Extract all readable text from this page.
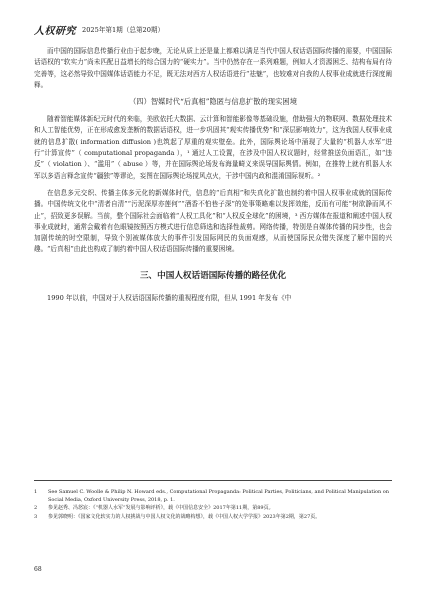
人权研究 2025年第1期（总第20期）

而中国的国际信息传播行业由于起步晚，无论从质上还是量上都难以满足当代中国人权话语国际传播的需要，中国国际话语权的“软实力”尚未匹配日益增长的综合国力的“硬实力”。当中仍然存在一系列难题，例如人才资源困乏、结构布局有待完善等，这必然导致中国媒体话语能力不足，既无法对西方人权话语进行“祛魅”，也较难对自我的人权事业成就进行深度阐释。

（四）智媒时代“后真相”隐匿与信息扩散的现实困境

随着智能媒体新纪元时代的来临，美欧依托大数据、云计算和智能影像等基础设施，借助强大的物联网、数据处理技术和人工智能优势，正在形成愈发垄断的数据话语权，进一步巩固其“观实传播优势”和“深层影响效力”，这为我国人权事业成就的信息扩散( information diffusion )也筑起了厚重的观实壁垒。此外，国际舆论场中涌现了大量的“机器人水军”进行“计算宣传”（ computational propaganda ），¹ 通过人工设置，在涉及中国人权议题时，经常推送负面语汇，如“违反”（ violation ）、“滥用”（ abuse ）等，并在国际舆论场发布海量畸义来误导国际舆情。例如，在推特上就有机器人水军以多语言释念宣传“疆独”等谬论，妄图在国际舆论场搅风点火，干涉中国内政和混淆国际视听。²

在信息多元交织、传播主体多元化的新媒体时代，信息的“后真相”和失真化扩散也制约着中国人权事业成就的国际传播。中国传统文化中“清者自清”“污泥深厚亦莲何”“酒香不怕巷子深”的处事策略难以发挥效能，反而有可能“树欲静而风不止”，招致更多误解。当前，整个国际社会面临着“人权工具化”和“人权反全球化”的困境，³ 西方媒体在报道和阐述中国人权事业成就时，通常会戴着有色眼镜按照西方模式进行信息筛选和选择性裁剪。网络传播，特别是自媒体传播的同步性，也会加剧传统的时空限制，导致个别被媒体放大的事件引发国际网民的负面观感，从而使国际民众错失深度了解中国的兴趣。“后真相”由此也构成了制约着中国人权话语国际传播的重要困境。

三、中国人权话语国际传播的路径优化

1990 年以前，中国对于人权话语国际传播的重视程度有限，但从 1991 年发布《中

1	See Samuel C. Woolle & Philip N. Howard eds., Computational Propaganda: Political Parties, Politicians, and Political Manipulation on Social Media, Oxford University Press, 2018, p. 1.
2	参见赵秀、冯怒宸：《“机器人水军”发展与影响评析》，载《中国信息安全》2017年第11期，第89页。
3	参见郭晓明：《国家文化软实力的人权挑战与中国人权文化的战略构想》，载《中国人权大学学报》2023年第2期，第27页。
68
